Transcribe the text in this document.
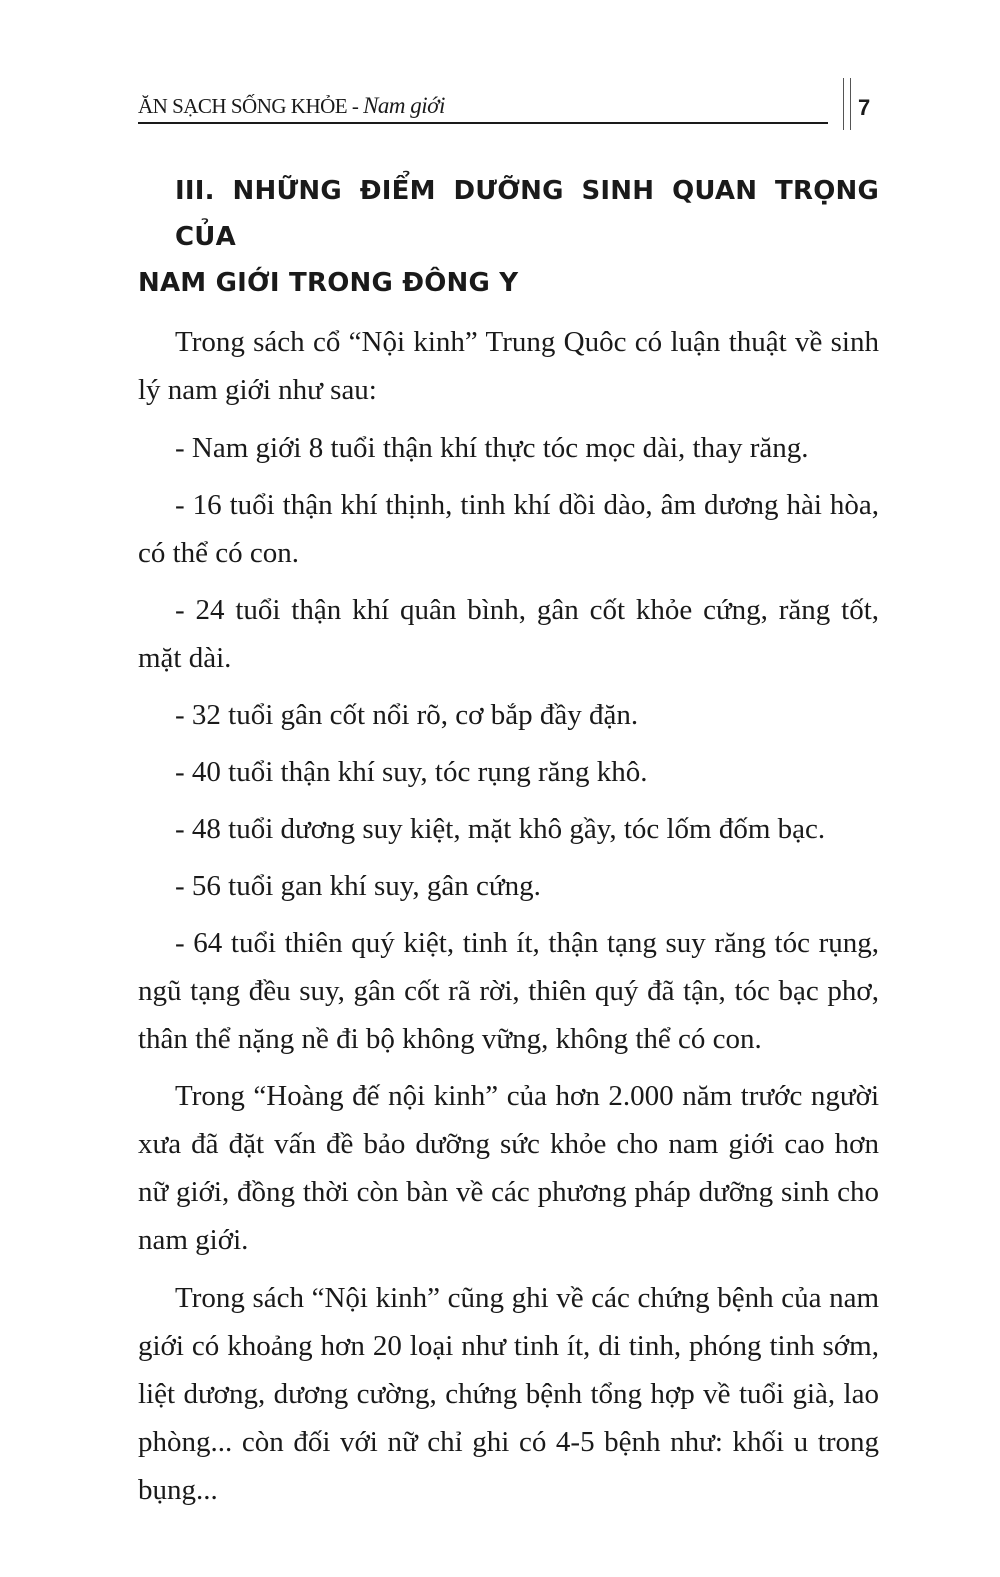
ĂN SẠCH SỐNG KHỎE - Nam giới	7
III. NHỮNG ĐIỂM DƯỠNG SINH QUAN TRỌNG CỦA
NAM GIỚI TRONG ĐÔNG Y

Trong sách cổ “Nội kinh” Trung Quôc có luận thuật về sinh lý nam giới như sau:

- Nam giới 8 tuổi thận khí thực tóc mọc dài, thay răng.

- 16 tuổi thận khí thịnh, tinh khí dồi dào, âm dương hài hòa, có thể có con.

- 24 tuổi thận khí quân bình, gân cốt khỏe cứng, răng tốt, mặt dài.

- 32 tuổi gân cốt nổi rõ, cơ bắp đầy đặn.

- 40 tuổi thận khí suy, tóc rụng răng khô.

- 48 tuổi dương suy kiệt, mặt khô gầy, tóc lốm đốm bạc.

- 56 tuổi gan khí suy, gân cứng.

- 64 tuổi thiên quý kiệt, tinh ít, thận tạng suy răng tóc rụng, ngũ tạng đều suy, gân cốt rã rời, thiên quý đã tận, tóc bạc phơ, thân thể nặng nề đi bộ không vững, không thể có con.

Trong “Hoàng đế nội kinh” của hơn 2.000 năm trước người xưa đã đặt vấn đề bảo dưỡng sức khỏe cho nam giới cao hơn nữ giới, đồng thời còn bàn về các phương pháp dưỡng sinh cho nam giới.

Trong sách “Nội kinh” cũng ghi về các chứng bệnh của nam giới có khoảng hơn 20 loại như tinh ít, di tinh, phóng tinh sớm, liệt dương, dương cường, chứng bệnh tổng hợp về tuổi già, lao phòng... còn đối với nữ chỉ ghi có 4-5 bệnh như: khối u trong bụng...
